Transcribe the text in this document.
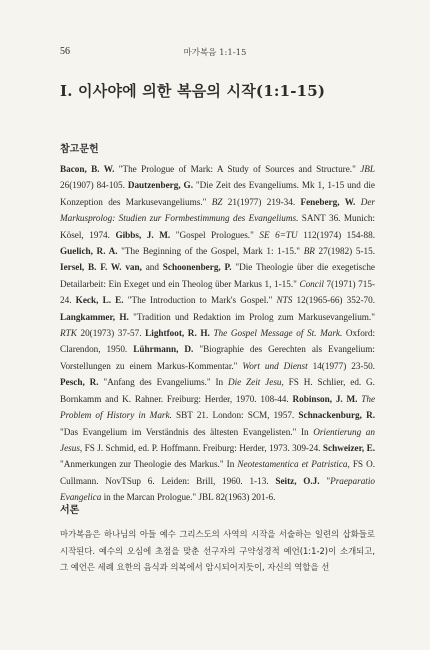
56	마가복음 1:1-15
I. 이사야에 의한 복음의 시작(1:1-15)
참고문헌
Bacon, B. W. "The Prologue of Mark: A Study of Sources and Structure." JBL 26(1907) 84-105. Dautzenberg, G. "Die Zeit des Evangeliums. Mk 1, 1-15 und die Konzeption des Markusevangeliums." BZ 21(1977) 219-34. Feneberg, W. Der Markusprolog: Studien zur Formbestimmung des Evangeliums. SANT 36. Munich: Kösel, 1974. Gibbs, J. M. "Gospel Prologues." SE 6=TU 112(1974) 154-88. Guelich, R. A. "The Beginning of the Gospel, Mark 1: 1-15." BR 27(1982) 5-15. Iersel, B. F. W. van, and Schoonenberg, P. "Die Theologie über die exegetische Detailarbeit: Ein Exeget und ein Theolog über Markus 1, 1-15." Concil 7(1971) 715-24. Keck, L. E. "The Introduction to Mark's Gospel." NTS 12(1965-66) 352-70. Langkammer, H. "Tradition und Redaktion im Prolog zum Markusevangelium." RTK 20(1973) 37-57. Lightfoot, R. H. The Gospel Message of St. Mark. Oxford: Clarendon, 1950. Lührmann, D. "Biographie des Gerechten als Evangelium: Vorstellungen zu einem Markus-Kommentar." Wort und Dienst 14(1977) 23-50. Pesch, R. "Anfang des Evangeliums." In Die Zeit Jesu, FS H. Schlier, ed. G. Bornkamm and K. Rahner. Freiburg: Herder, 1970. 108-44. Robinson, J. M. The Problem of History in Mark. SBT 21. London: SCM, 1957. Schnackenburg, R. "Das Evangelium im Verständnis des ältesten Evangelisten." In Orientierung an Jesus, FS J. Schmid, ed. P. Hoffmann. Freiburg: Herder, 1973. 309-24. Schweizer, E. "Anmerkungen zur Theologie des Markus." In Neotestamentica et Patristica, FS O. Cullmann. NovTSup 6. Leiden: Brill, 1960. 1-13. Seitz, O.J. "Praeparatio Evangelica in the Marcan Prologue." JBL 82(1963) 201-6.
서론
마가복음은 하나님의 아들 예수 그리스도의 사역의 시작을 서술하는 일련의 삽화들로 시작된다. 예수의 오심에 초점을 맞춘 선구자의 구약성경적 예언(1:1-2)이 소개되고, 그 예언은 세례 요한의 음식과 의복에서 암시되어지듯이, 자신의 역할을 선
